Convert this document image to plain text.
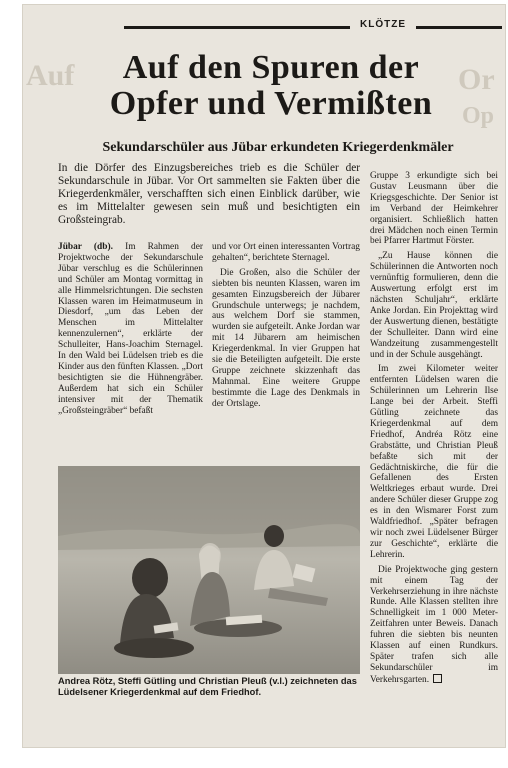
Auf	Or
Op
KLÖTZE
Auf den Spuren der
Opfer und Vermißten
Sekundarschüler aus Jübar erkundeten Kriegerdenkmäler
In die Dörfer des Einzugsbereiches trieb es die Schüler der Sekundarschule in Jübar. Vor Ort sammelten sie Fakten über die Kriegerdenkmäler, verschafften sich einen Einblick darüber, wie es im Mittelalter gewesen sein muß und besichtigten ein Großsteingrab.

Jübar (db). Im Rahmen der Projektwoche der Sekundarschule Jübar verschlug es die Schülerinnen und Schüler am Montag vormittag in alle Himmelsrichtungen. Die sechsten Klassen waren im Heimatmuseum in Diesdorf, „um das Leben der Menschen im Mittelalter kennenzulernen“, erklärte der Schulleiter, Hans-Joachim Sternagel. In den Wald bei Lüdelsen trieb es die Kinder aus den fünften Klassen. „Dort besichtigten sie die Hühnengräber. Außerdem hat sich ein Schüler intensiver mit der Thematik „Großsteingräber“ befaßt

und vor Ort einen interessanten Vortrag gehalten“, berichtete Sternagel.

Die Großen, also die Schüler der siebten bis neunten Klassen, waren im gesamten Einzugsbereich der Jübarer Grundschule unterwegs; je nachdem, aus welchem Dorf sie stammen, wurden sie aufgeteilt. Anke Jordan war mit 14 Jübarern am heimischen Kriegerdenkmal. In vier Gruppen hat sie die Beteiligten aufgeteilt. Die erste Gruppe zeichnete skizzenhaft das Mahnmal. Eine weitere Gruppe bestimmte die Lage des Denkmals in der Ortslage.

Gruppe 3 erkundigte sich bei Gustav Leusmann über die Kriegsgeschichte. Der Senior ist im Verband der Heimkehrer organisiert. Schließlich hatten drei Mädchen noch einen Termin bei Pfarrer Hartmut Förster.

„Zu Hause können die Schülerinnen die Antworten noch vernünftig formulieren, denn die Auswertung erfolgt erst im nächsten Schuljahr“, erklärte Anke Jordan. Ein Projekttag wird der Auswertung dienen, bestätigte der Schulleiter. Dann wird eine Wandzeitung zusammengestellt und in der Schule ausgehängt.

Im zwei Kilometer weiter entfernten Lüdelsen waren die Schülerinnen um Lehrerin Ilse Lange bei der Arbeit. Steffi Gütling zeichnete das Kriegerdenkmal auf dem Friedhof, Andréa Rötz eine Grabstätte, und Christian Pleuß befaßte sich mit der Gedächtniskirche, die für die Gefallenen des Ersten Weltkrieges erbaut wurde. Drei andere Schüler dieser Gruppe zog es in den Wismarer Forst zum Waldfriedhof. „Später befragen wir noch zwei Lüdelsener Bürger zur Geschichte“, erklärte die Lehrerin.

Die Projektwoche ging gestern mit einem Tag der Verkehrserziehung in ihre nächste Runde. Alle Klassen stellten ihre Schnelligkeit im 1 000 Meter-Zeitfahren unter Beweis. Danach fuhren die siebten bis neunten Klassen auf einen Rundkurs. Später trafen sich alle Sekundarschüler im Verkehrsgarten.

Andrea Rötz, Steffi Gütling und Christian Pleuß (v.l.) zeichneten das Lüdelsener Kriegerdenkmal auf dem Friedhof.
